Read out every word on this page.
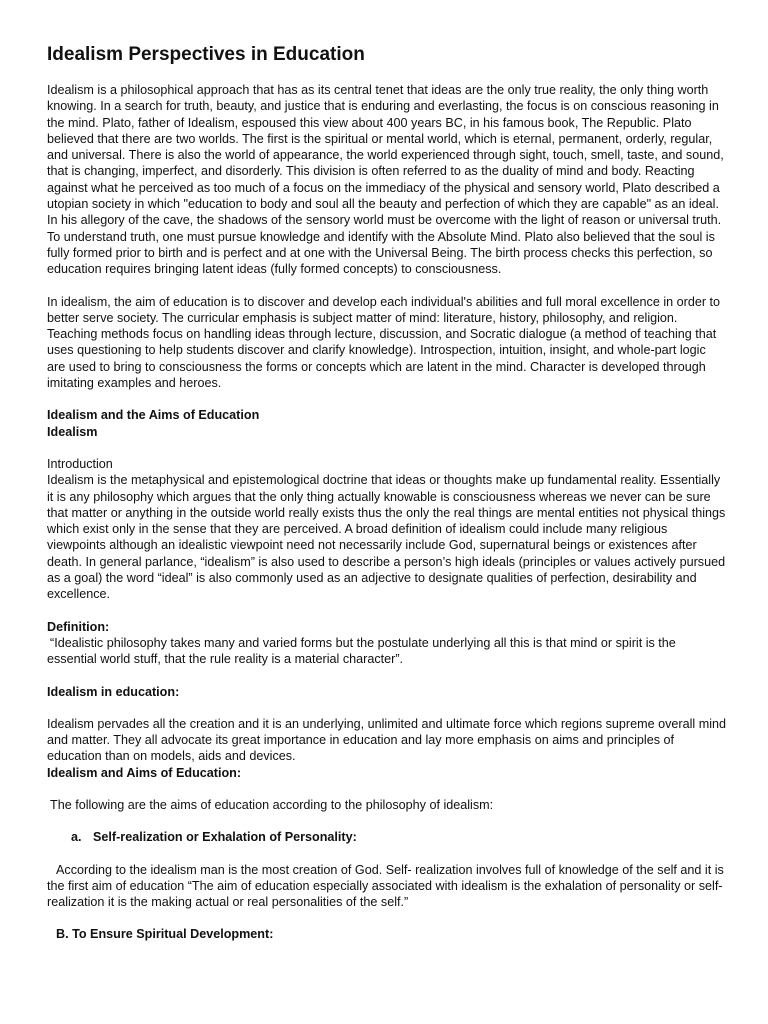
Idealism Perspectives in Education

Idealism is a philosophical approach that has as its central tenet that ideas are the only true reality, the only thing worth knowing. In a search for truth, beauty, and justice that is enduring and everlasting, the focus is on conscious reasoning in the mind. Plato, father of Idealism, espoused this view about 400 years BC, in his famous book, The Republic. Plato believed that there are two worlds. The first is the spiritual or mental world, which is eternal, permanent, orderly, regular, and universal. There is also the world of appearance, the world experienced through sight, touch, smell, taste, and sound, that is changing, imperfect, and disorderly. This division is often referred to as the duality of mind and body. Reacting against what he perceived as too much of a focus on the immediacy of the physical and sensory world, Plato described a utopian society in which "education to body and soul all the beauty and perfection of which they are capable" as an ideal. In his allegory of the cave, the shadows of the sensory world must be overcome with the light of reason or universal truth. To understand truth, one must pursue knowledge and identify with the Absolute Mind. Plato also believed that the soul is fully formed prior to birth and is perfect and at one with the Universal Being. The birth process checks this perfection, so education requires bringing latent ideas (fully formed concepts) to consciousness.

In idealism, the aim of education is to discover and develop each individual's abilities and full moral excellence in order to better serve society. The curricular emphasis is subject matter of mind: literature, history, philosophy, and religion. Teaching methods focus on handling ideas through lecture, discussion, and Socratic dialogue (a method of teaching that uses questioning to help students discover and clarify knowledge). Introspection, intuition, insight, and whole-part logic are used to bring to consciousness the forms or concepts which are latent in the mind. Character is developed through imitating examples and heroes.

Idealism and the Aims of Education

Idealism

Introduction

Idealism is the metaphysical and epistemological doctrine that ideas or thoughts make up fundamental reality. Essentially it is any philosophy which argues that the only thing actually knowable is consciousness whereas we never can be sure that matter or anything in the outside world really exists thus the only the real things are mental entities not physical things which exist only in the sense that they are perceived. A broad definition of idealism could include many religious viewpoints although an idealistic viewpoint need not necessarily include God, supernatural beings or existences after death. In general parlance, “idealism” is also used to describe a person’s high ideals (principles or values actively pursued as a goal) the word “ideal” is also commonly used as an adjective to designate qualities of perfection, desirability and excellence.

Definition:

“Idealistic philosophy takes many and varied forms but the postulate underlying all this is that mind or spirit is the essential world stuff, that the rule reality is a material character”.

Idealism in education:

Idealism pervades all the creation and it is an underlying, unlimited and ultimate force which regions supreme overall mind and matter. They all advocate its great importance in education and lay more emphasis on aims and principles of education than on models, aids and devices.

Idealism and Aims of Education:

The following are the aims of education according to the philosophy of idealism:

a. Self-realization or Exhalation of Personality:

According to the idealism man is the most creation of God. Self- realization involves full of knowledge of the self and it is the first aim of education “The aim of education especially associated with idealism is the exhalation of personality or self-realization it is the making actual or real personalities of the self.”

B. To Ensure Spiritual Development:
